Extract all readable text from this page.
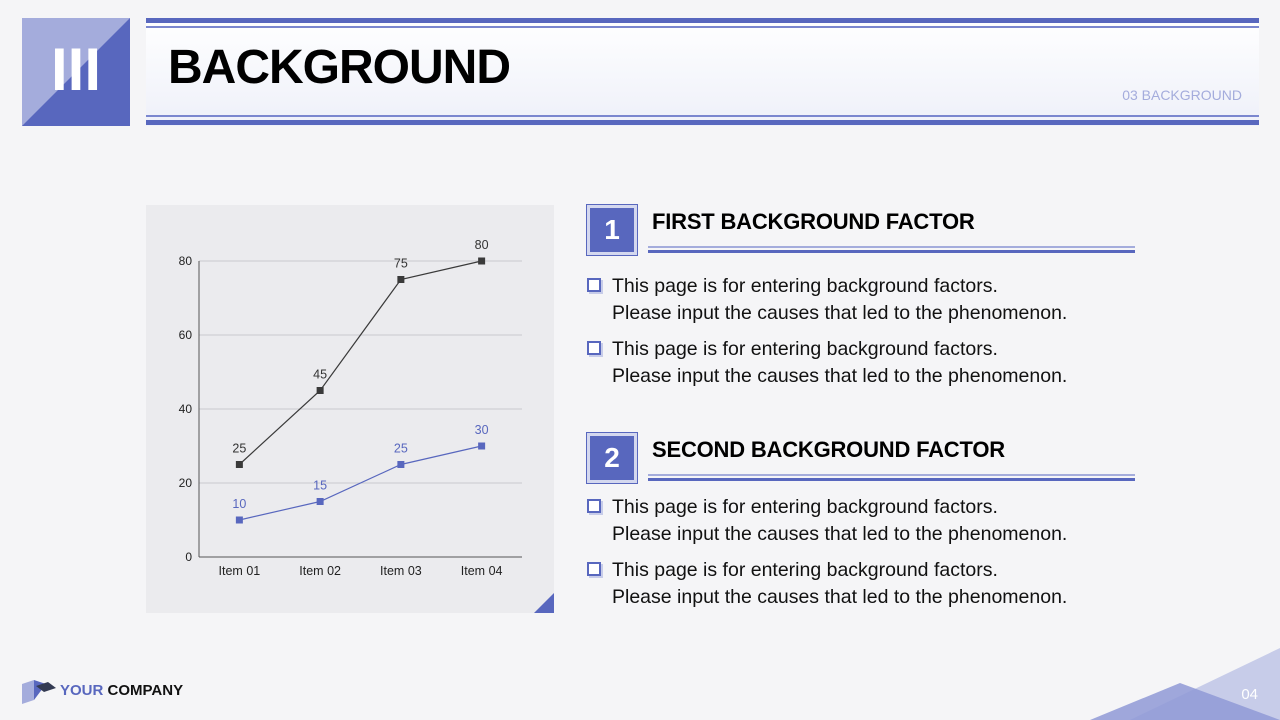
III BACKGROUND
03 BACKGROUND
0
20
40
60
80
Item 01	Item 02	Item 03	Item 04
25
45
75
80
10
15
25
30
1	FIRST BACKGROUND FACTOR
This page is for entering background factors.
Please input the causes that led to the phenomenon.
This page is for entering background factors.
Please input the causes that led to the phenomenon.
2	SECOND BACKGROUND FACTOR
This page is for entering background factors.
Please input the causes that led to the phenomenon.
This page is for entering background factors.
Please input the causes that led to the phenomenon.
YOUR COMPANY	04
